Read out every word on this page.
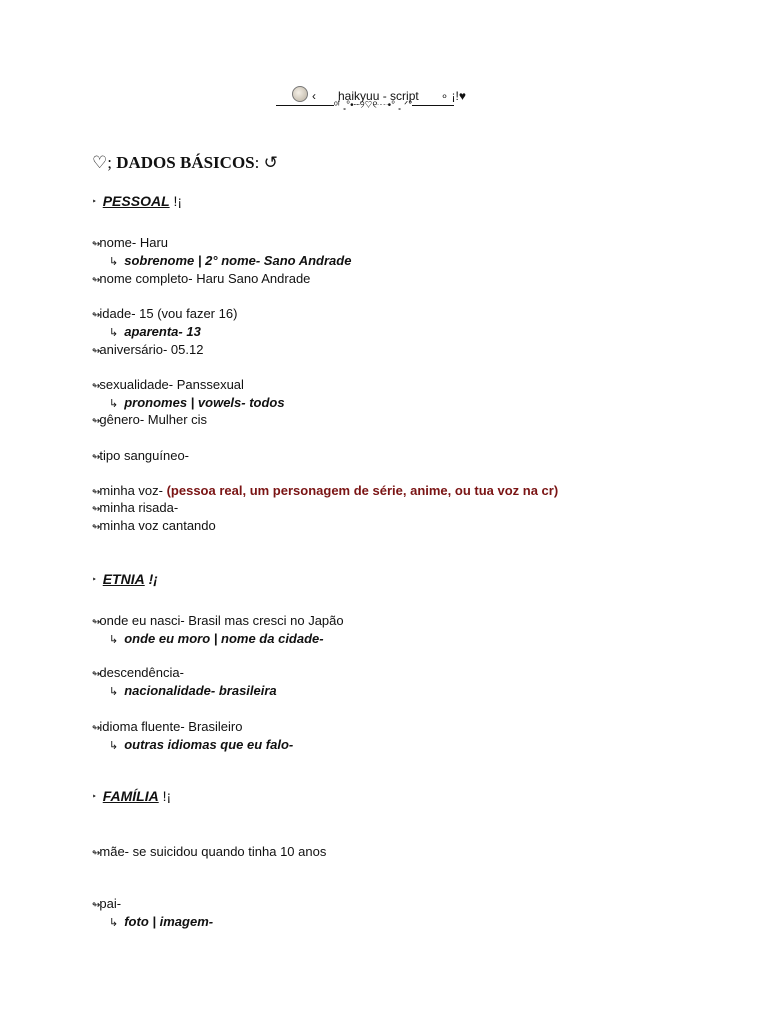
‹ haikyuu - script ∘ ¡!♥
ᵒᶠ ˳°•┈୨♡୧┈•° ˳ ᐟ°
♡; DADOS BÁSICOS: ↺
‣ PESSOAL !¡
↬nome- Haru
↳ sobrenome | 2° nome- Sano Andrade
↬nome completo- Haru Sano Andrade
↬idade- 15 (vou fazer 16)
↳ aparenta- 13
↬aniversário- 05.12
↬sexualidade- Panssexual
↳ pronomes | vowels- todos
↬gênero- Mulher cis
↬tipo sanguíneo-
↬minha voz- (pessoa real, um personagem de série, anime, ou tua voz na cr)
↬minha risada-
↬minha voz cantando
‣ ETNIA !¡
↬onde eu nasci- Brasil mas cresci no Japão
↳ onde eu moro | nome da cidade-
↬descendência-
↳ nacionalidade- brasileira
↬idioma fluente- Brasileiro
↳ outras idiomas que eu falo-
‣ FAMÍLIA !¡
↬mãe- se suicidou quando tinha 10 anos
↬pai-
↳ foto | imagem-
